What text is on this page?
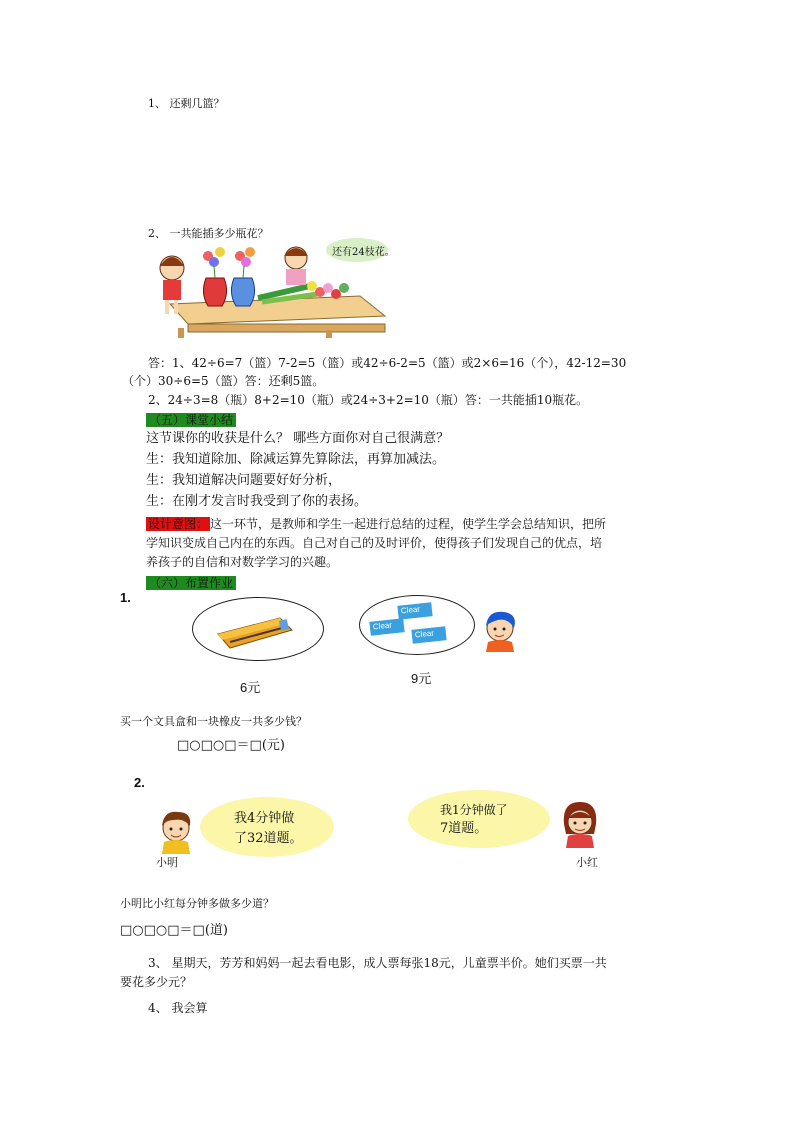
1、 还剩几篮？
2、 一共能插多少瓶花？
还有24枝花。
答：1、42÷6=7（篮）7-2=5（篮）或42÷6-2=5（篮）或2×6=16（个），42-12=30
（个）30÷6=5（篮）答：还剩5篮。
2、24÷3=8（瓶）8+2=10（瓶）或24÷3+2=10（瓶）答：一共能插10瓶花。
（五）课堂小结
这节课你的收获是什么？ 哪些方面你对自己很满意？
生：我知道除加、除减运算先算除法，再算加减法。
生：我知道解决问题要好好分析，
生：在刚才发言时我受到了你的表扬。
设计意图： 这一环节，是教师和学生一起进行总结的过程，使学生学会总结知识，把所
学知识变成自己内在的东西。自己对自己的及时评价，使得孩子们发现自己的优点，培
养孩子的自信和对数学学习的兴趣。
（六）布置作业
1.
Clear
Clear
Clear
6元
9元
买一个文具盒和一块橡皮一共多少钱？
□○□○□＝□(元)
2.
我4分钟做
了32道题。
小明
我1分钟做了
7道题。
小红
小明比小红每分钟多做多少道？
□○□○□＝□(道)
3、 星期天，芳芳和妈妈一起去看电影，成人票每张18元，儿童票半价。她们买票一共
要花多少元？
4、 我会算
